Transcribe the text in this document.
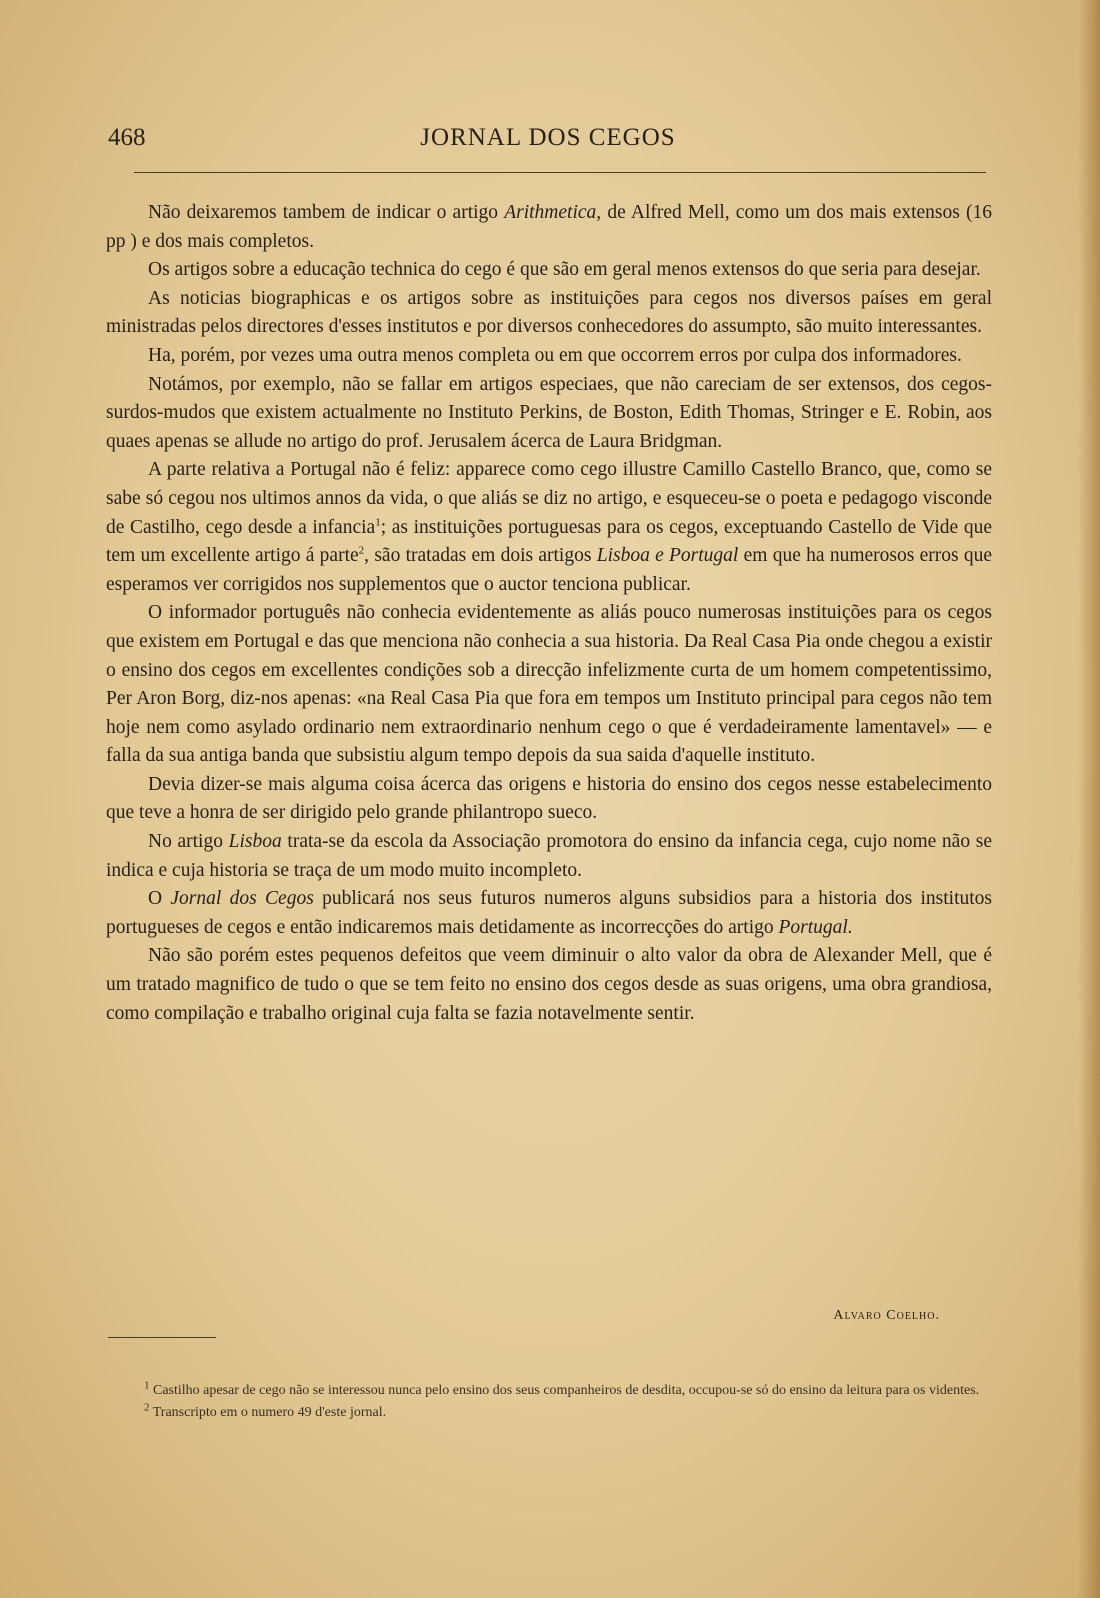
468	JORNAL DOS CEGOS

Não deixaremos tambem de indicar o artigo Arithmetica, de Alfred Mell, como um dos mais extensos (16 pp ) e dos mais completos.

Os artigos sobre a educação technica do cego é que são em geral menos extensos do que seria para desejar.

As noticias biographicas e os artigos sobre as instituições para cegos nos diversos países em geral ministradas pelos directores d'esses institutos e por diversos conhecedores do assumpto, são muito interessantes.

Ha, porém, por vezes uma outra menos completa ou em que occorrem erros por culpa dos informadores.

Notámos, por exemplo, não se fallar em artigos especiaes, que não careciam de ser extensos, dos cegos-surdos-mudos que existem actualmente no Instituto Perkins, de Boston, Edith Thomas, Stringer e E. Robin, aos quaes apenas se allude no artigo do prof. Jerusalem ácerca de Laura Bridgman.

A parte relativa a Portugal não é feliz: apparece como cego illustre Camillo Castello Branco, que, como se sabe só cegou nos ultimos annos da vida, o que aliás se diz no artigo, e esqueceu-se o poeta e pedagogo visconde de Castilho, cego desde a infancia$^1$; as instituições portuguesas para os cegos, exceptuando Castello de Vide que tem um excellente artigo á parte$^2$, são tratadas em dois artigos Lisboa e Portugal em que ha numerosos erros que esperamos ver corrigidos nos supplementos que o auctor tenciona publicar.

O informador português não conhecia evidentemente as aliás pouco numerosas instituições para os cegos que existem em Portugal e das que menciona não conhecia a sua historia. Da Real Casa Pia onde chegou a existir o ensino dos cegos em excellentes condições sob a direcção infelizmente curta de um homem competentissimo, Per Aron Borg, diz-nos apenas: «na Real Casa Pia que fora em tempos um Instituto principal para cegos não tem hoje nem como asylado ordinario nem extraordinario nenhum cego o que é verdadeiramente lamentavel» — e falla da sua antiga banda que subsistiu algum tempo depois da sua saida d'aquelle instituto.

Devia dizer-se mais alguma coisa ácerca das origens e historia do ensino dos cegos nesse estabelecimento que teve a honra de ser dirigido pelo grande philantropo sueco.

No artigo Lisboa trata-se da escola da Associação promotora do ensino da infancia cega, cujo nome não se indica e cuja historia se traça de um modo muito incompleto.

O Jornal dos Cegos publicará nos seus futuros numeros alguns subsidios para a historia dos institutos portugueses de cegos e então indicaremos mais detidamente as incorrecções do artigo Portugal.

Não são porém estes pequenos defeitos que veem diminuir o alto valor da obra de Alexander Mell, que é um tratado magnifico de tudo o que se tem feito no ensino dos cegos desde as suas origens, uma obra grandiosa, como compilação e trabalho original cuja falta se fazia notavelmente sentir.

Alvaro Coelho.

$^1$ Castilho apesar de cego não se interessou nunca pelo ensino dos seus companheiros de desdita, occupou-se só do ensino da leitura para os videntes.

$^2$ Transcripto em o numero 49 d'este jornal.
